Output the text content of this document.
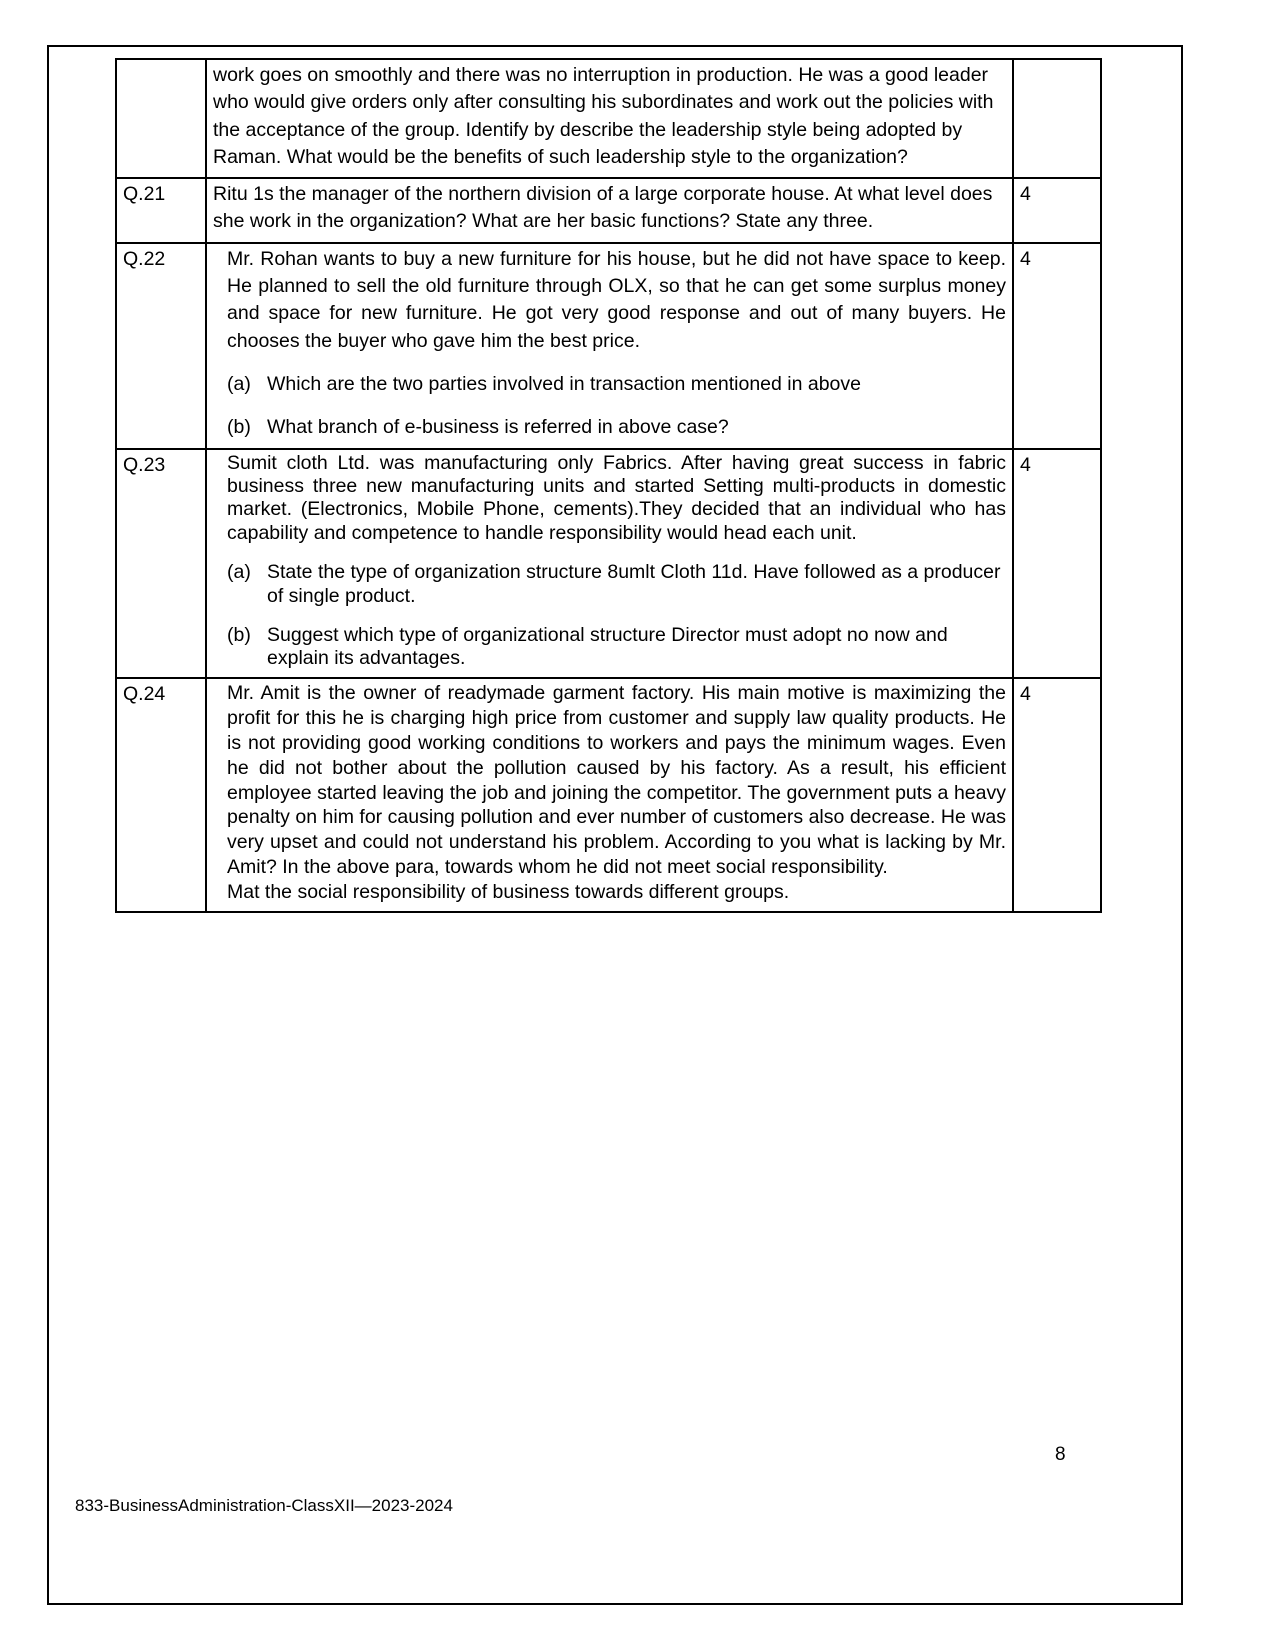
	work goes on smoothly and there was no interruption in production. He was a good leader who would give orders only after consulting his subordinates and work out the policies with the acceptance of the group. Identify by describe the leadership style being adopted by Raman. What would be the benefits of such leadership style to the organization?	

Q.21	Ritu 1s the manager of the northern division of a large corporate house. At what level does she work in the organization? What are her basic functions? State any three.	4
Q.22	Mr. Rohan wants to buy a new furniture for his house, but he did not have space to keep. He planned to sell the old furniture through OLX, so that he can get some surplus money and space for new furniture. He got very good response and out of many buyers. He chooses the buyer who gave him the best price.

(a) Which are the two parties involved in transaction mentioned in above
(b) What branch of e-business is referred in above case?	4
Q.23	Sumit cloth Ltd. was manufacturing only Fabrics. After having great success in fabric business three new manufacturing units and started Setting multi-products in domestic market. (Electronics, Mobile Phone, cements).They decided that an individual who has capability and competence to handle responsibility would head each unit.

(a) State the type of organization structure 8umlt Cloth 11d. Have followed as a producer of single product.
(b) Suggest which type of organizational structure Director must adopt no now and explain its advantages.	4
Q.24	Mr. Amit is the owner of readymade garment factory. His main motive is maximizing the profit for this he is charging high price from customer and supply law quality products. He is not providing good working conditions to workers and pays the minimum wages. Even he did not bother about the pollution caused by his factory. As a result, his efficient employee started leaving the job and joining the competitor. The government puts a heavy penalty on him for causing pollution and ever number of customers also decrease. He was very upset and could not understand his problem. According to you what is lacking by Mr. Amit? In the above para, towards whom he did not meet social responsibility.

Mat the social responsibility of business towards different groups.	4
8
833-BusinessAdministration-ClassXII—2023-2024
